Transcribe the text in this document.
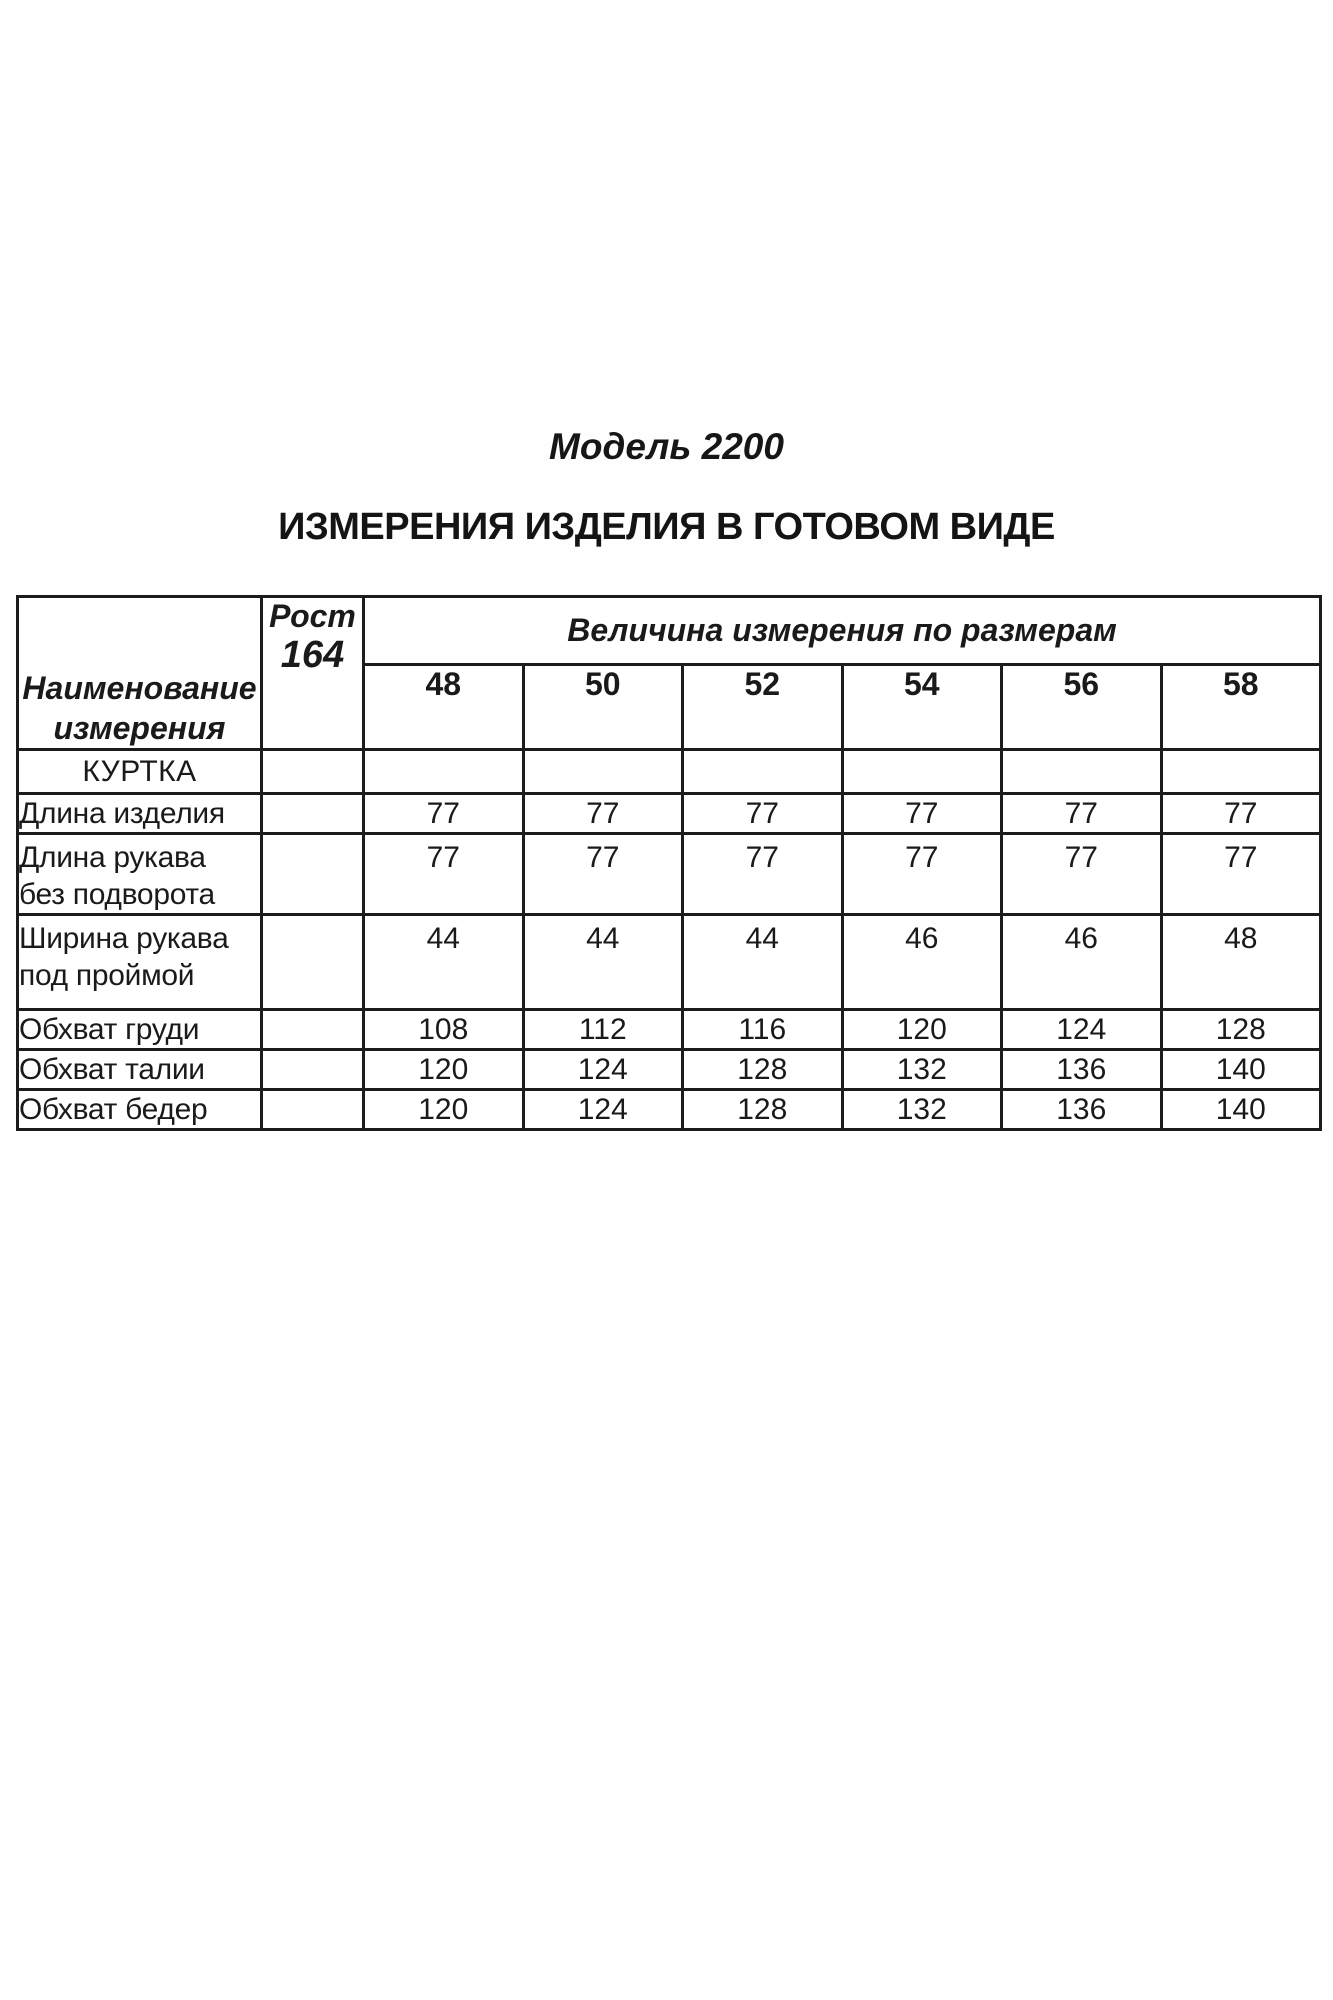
Модель 2200
ИЗМЕРЕНИЯ ИЗДЕЛИЯ В ГОТОВОМ ВИДЕ
Наименование
измерения

Рост
164
	Величина измерения по размерам
		48	50	52	54	56	58
КУРТКА							

Длина изделия		77	77	77	77	77	77

Длина рукава
без подворота		77	77	77	77	77	77

Ширина рукава
под проймой		44	44	44	46	46	48

Обхват груди		108	112	116	120	124	128

Обхват талии		120	124	128	132	136	140

Обхват бедер		120	124	128	132	136	140
